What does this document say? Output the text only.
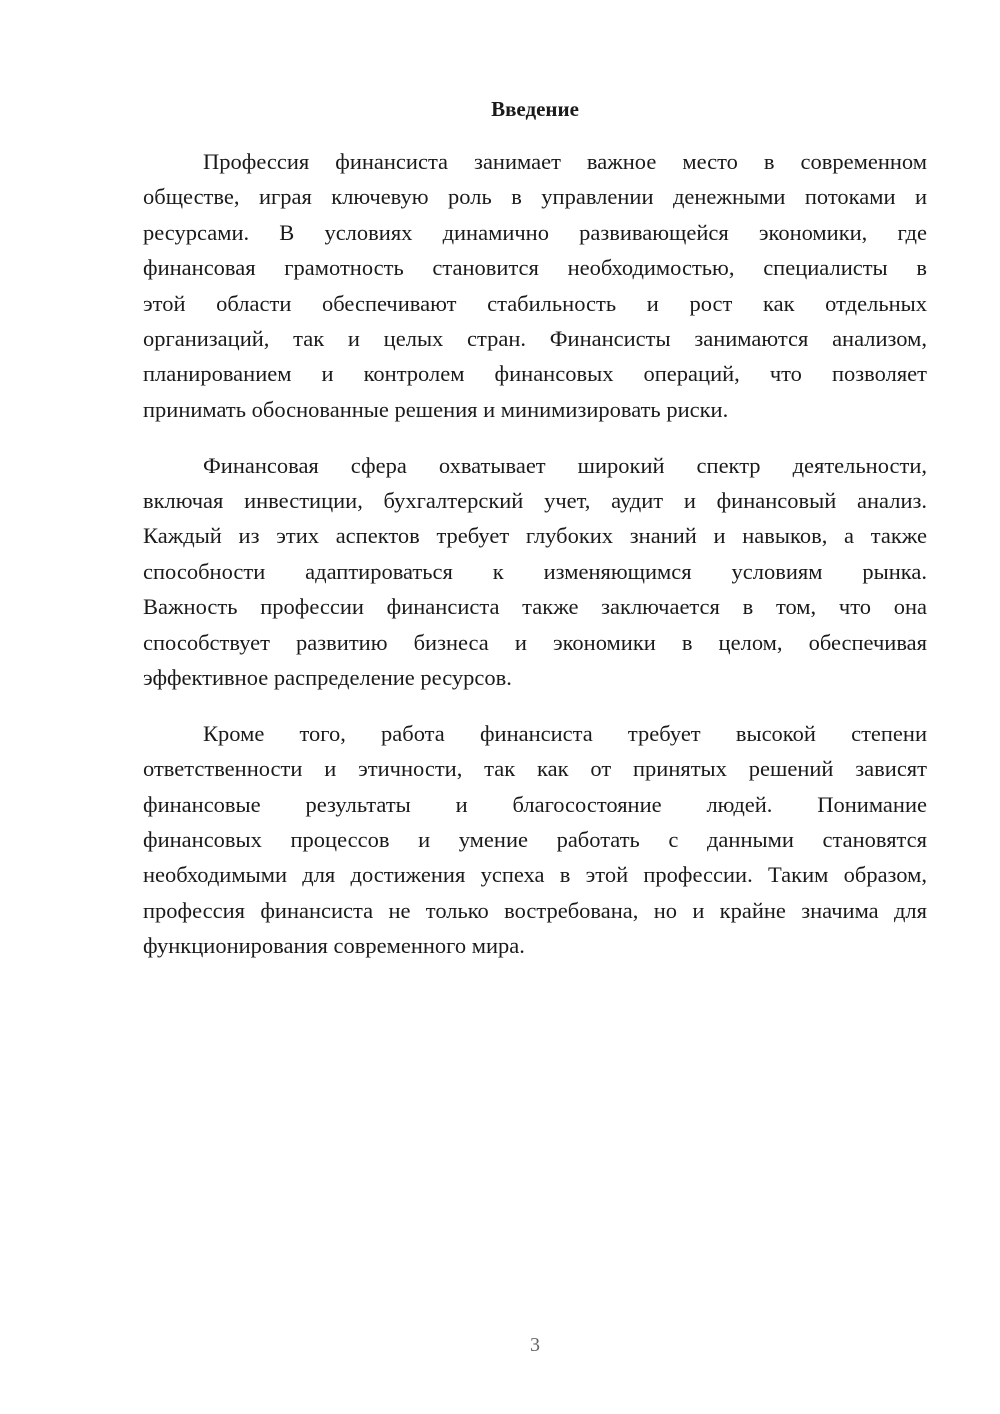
Введение
Профессия финансиста занимает важное место в современном
обществе, играя ключевую роль в управлении денежными потоками и
ресурсами. В условиях динамично развивающейся экономики, где
финансовая грамотность становится необходимостью, специалисты в
этой области обеспечивают стабильность и рост как отдельных
организаций, так и целых стран. Финансисты занимаются анализом,
планированием и контролем финансовых операций, что позволяет
принимать обоснованные решения и минимизировать риски.
Финансовая сфера охватывает широкий спектр деятельности,
включая инвестиции, бухгалтерский учет, аудит и финансовый анализ.
Каждый из этих аспектов требует глубоких знаний и навыков, а также
способности адаптироваться к изменяющимся условиям рынка.
Важность профессии финансиста также заключается в том, что она
способствует развитию бизнеса и экономики в целом, обеспечивая
эффективное распределение ресурсов.
Кроме того, работа финансиста требует высокой степени
ответственности и этичности, так как от принятых решений зависят
финансовые результаты и благосостояние людей. Понимание
финансовых процессов и умение работать с данными становятся
необходимыми для достижения успеха в этой профессии. Таким образом,
профессия финансиста не только востребована, но и крайне значима для
функционирования современного мира.
3
